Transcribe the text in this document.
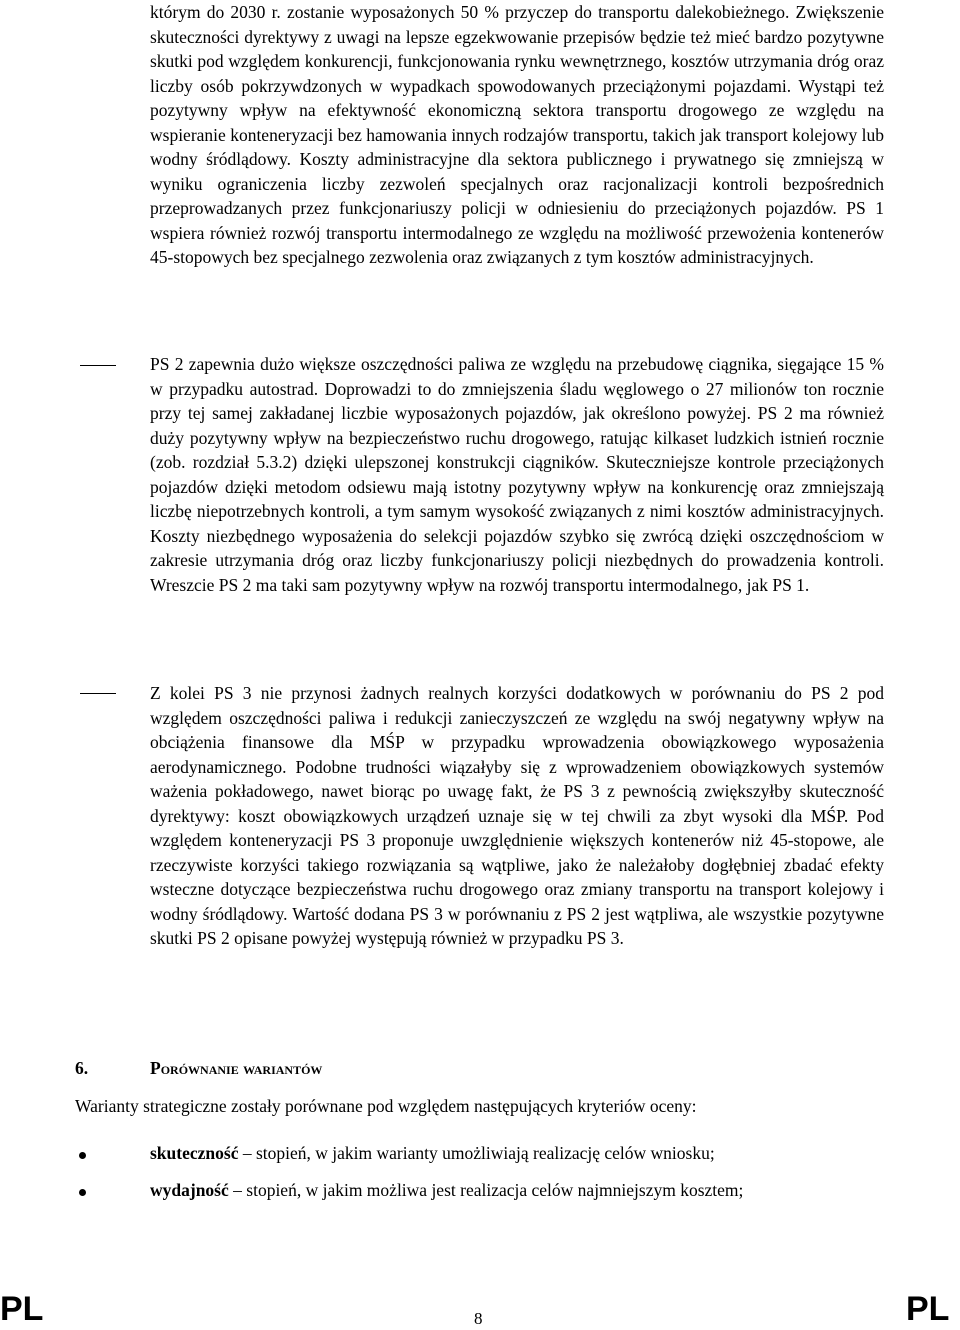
którym do 2030 r. zostanie wyposażonych 50 % przyczep do transportu dalekobieżnego. Zwiększenie skuteczności dyrektywy z uwagi na lepsze egzekwowanie przepisów będzie też mieć bardzo pozytywne skutki pod względem konkurencji, funkcjonowania rynku wewnętrznego, kosztów utrzymania dróg oraz liczby osób pokrzywdzonych w wypadkach spowodowanych przeciążonymi pojazdami. Wystąpi też pozytywny wpływ na efektywność ekonomiczną sektora transportu drogowego ze względu na wspieranie konteneryzacji bez hamowania innych rodzajów transportu, takich jak transport kolejowy lub wodny śródlądowy. Koszty administracyjne dla sektora publicznego i prywatnego się zmniejszą w wyniku ograniczenia liczby zezwoleń specjalnych oraz racjonalizacji kontroli bezpośrednich przeprowadzanych przez funkcjonariuszy policji w odniesieniu do przeciążonych pojazdów. PS 1 wspiera również rozwój transportu intermodalnego ze względu na możliwość przewożenia kontenerów 45-stopowych bez specjalnego zezwolenia oraz związanych z tym kosztów administracyjnych.
PS 2 zapewnia dużo większe oszczędności paliwa ze względu na przebudowę ciągnika, sięgające 15 % w przypadku autostrad. Doprowadzi to do zmniejszenia śladu węglowego o 27 milionów ton rocznie przy tej samej zakładanej liczbie wyposażonych pojazdów, jak określono powyżej. PS 2 ma również duży pozytywny wpływ na bezpieczeństwo ruchu drogowego, ratując kilkaset ludzkich istnień rocznie (zob. rozdział 5.3.2) dzięki ulepszonej konstrukcji ciągników. Skuteczniejsze kontrole przeciążonych pojazdów dzięki metodom odsiewu mają istotny pozytywny wpływ na konkurencję oraz zmniejszają liczbę niepotrzebnych kontroli, a tym samym wysokość związanych z nimi kosztów administracyjnych. Koszty niezbędnego wyposażenia do selekcji pojazdów szybko się zwrócą dzięki oszczędnościom w zakresie utrzymania dróg oraz liczby funkcjonariuszy policji niezbędnych do prowadzenia kontroli. Wreszcie PS 2 ma taki sam pozytywny wpływ na rozwój transportu intermodalnego, jak PS 1.
Z kolei PS 3 nie przynosi żadnych realnych korzyści dodatkowych w porównaniu do PS 2 pod względem oszczędności paliwa i redukcji zanieczyszczeń ze względu na swój negatywny wpływ na obciążenia finansowe dla MŚP w przypadku wprowadzenia obowiązkowego wyposażenia aerodynamicznego. Podobne trudności wiązałyby się z wprowadzeniem obowiązkowych systemów ważenia pokładowego, nawet biorąc po uwagę fakt, że PS 3 z pewnością zwiększyłby skuteczność dyrektywy: koszt obowiązkowych urządzeń uznaje się w tej chwili za zbyt wysoki dla MŚP. Pod względem konteneryzacji PS 3 proponuje uwzględnienie większych kontenerów niż 45-stopowe, ale rzeczywiste korzyści takiego rozwiązania są wątpliwe, jako że należałoby dogłębniej zbadać efekty wsteczne dotyczące bezpieczeństwa ruchu drogowego oraz zmiany transportu na transport kolejowy i wodny śródlądowy. Wartość dodana PS 3 w porównaniu z PS 2 jest wątpliwa, ale wszystkie pozytywne skutki PS 2 opisane powyżej występują również w przypadku PS 3.
6.	Porównanie wariantów
Warianty strategiczne zostały porównane pod względem następujących kryteriów oceny:
skuteczność – stopień, w jakim warianty umożliwiają realizację celów wniosku;
wydajność – stopień, w jakim możliwa jest realizacja celów najmniejszym kosztem;
PL	8	PL
